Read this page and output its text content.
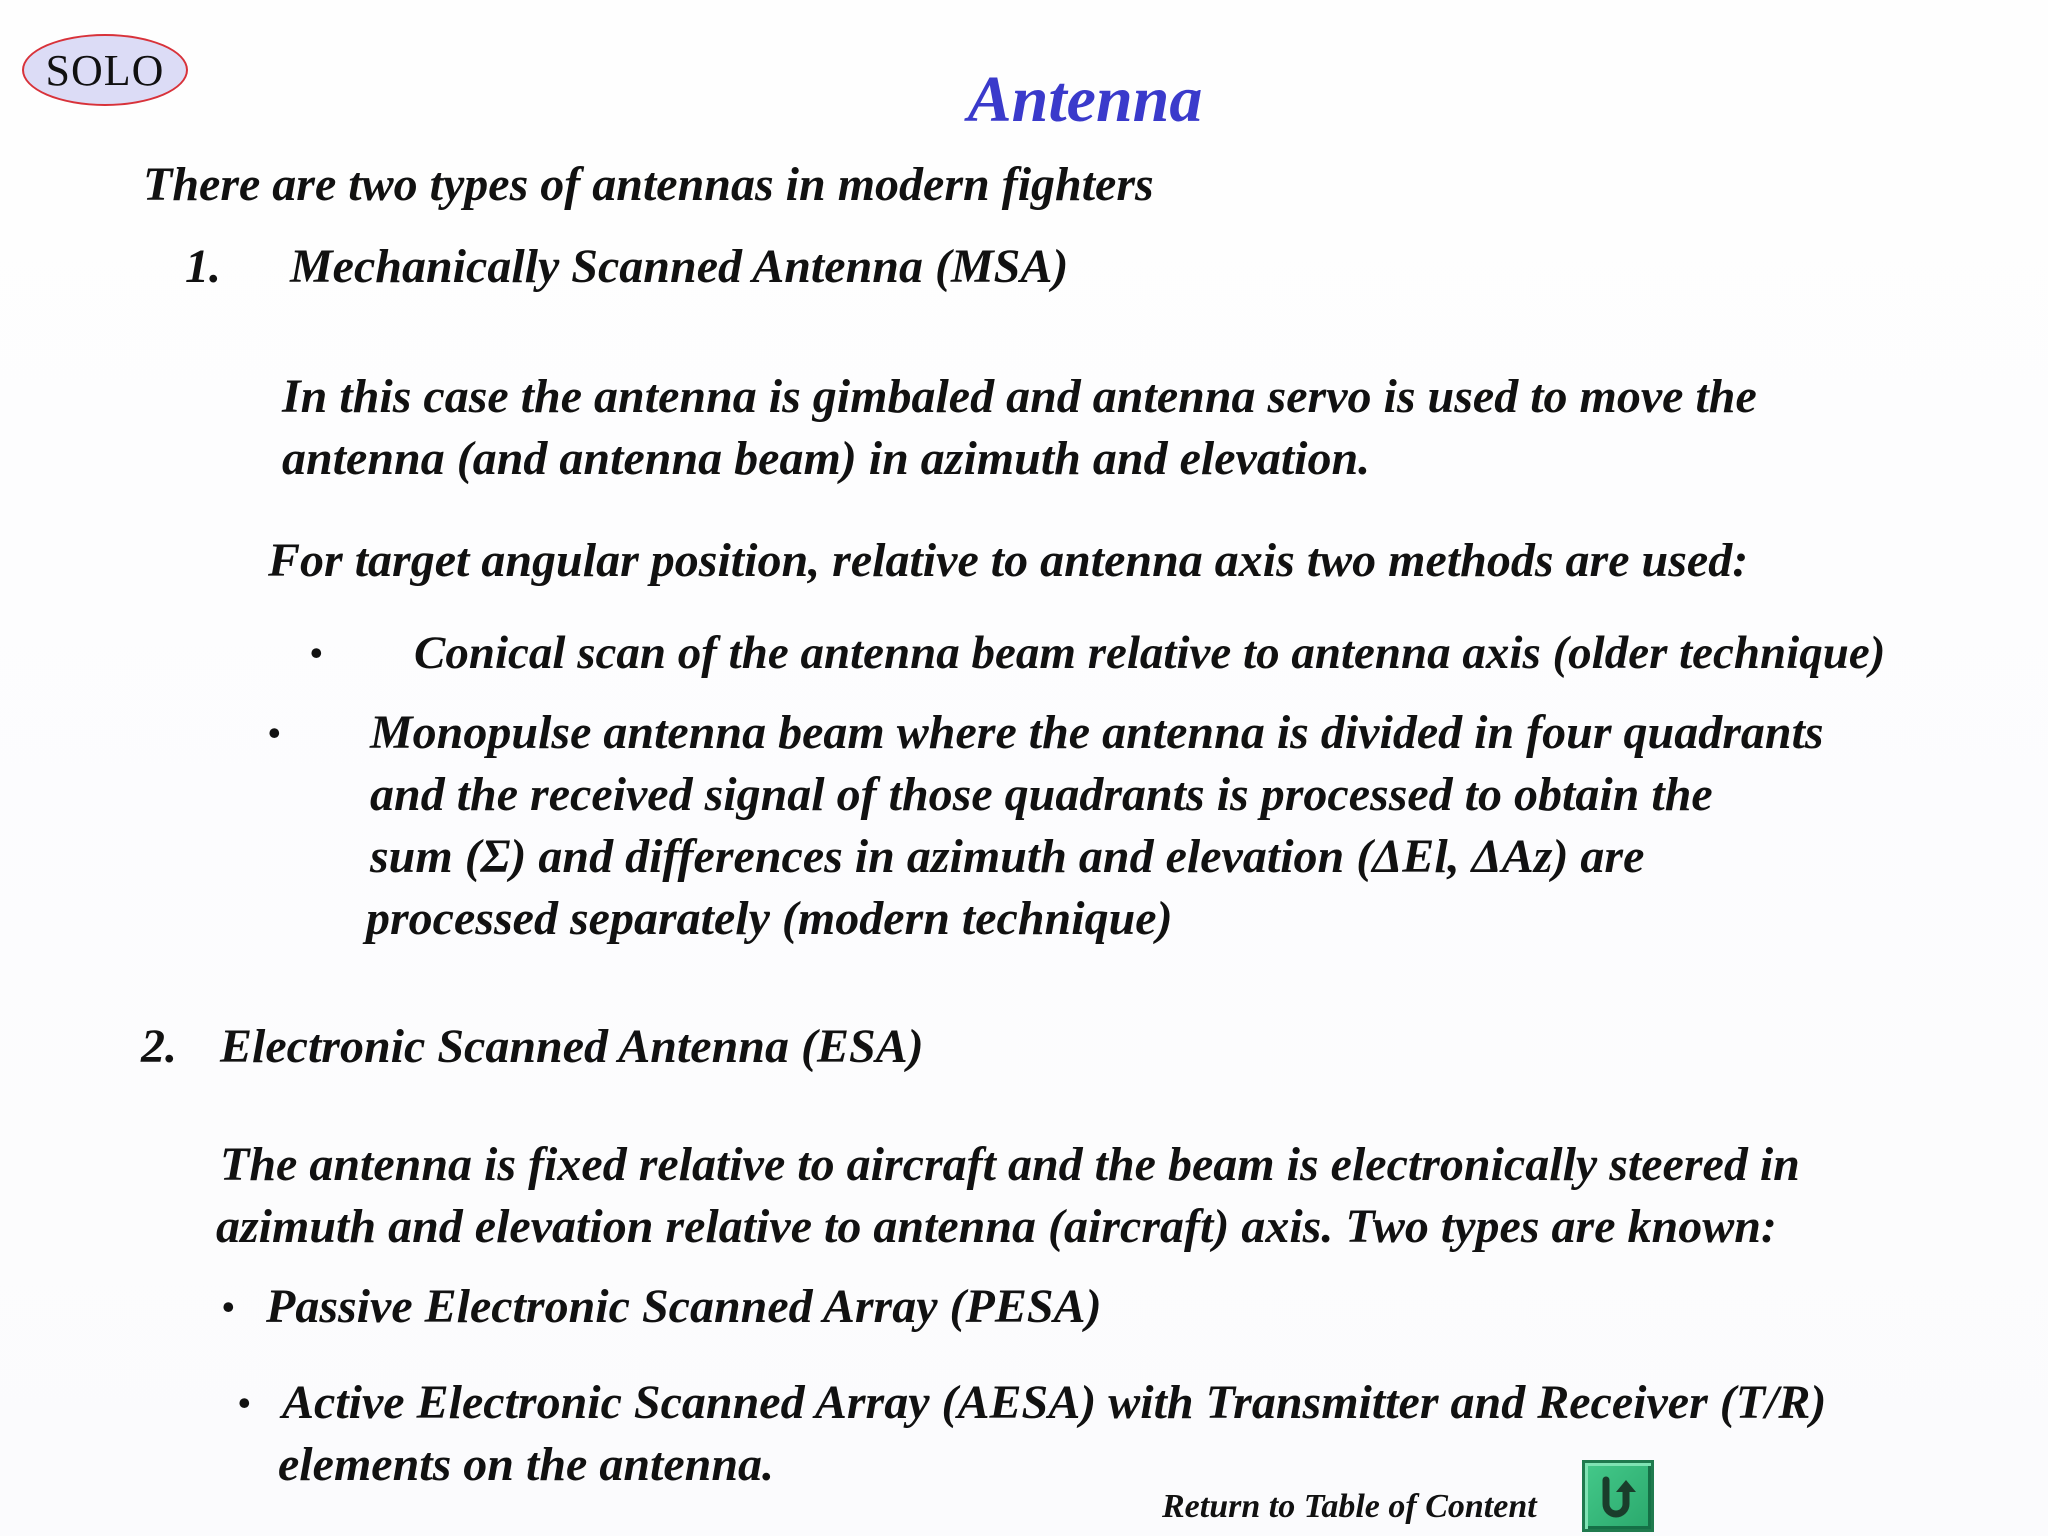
SOLO	Antenna
There are two types of antennas in modern fighters
1. Mechanically Scanned Antenna (MSA)
In this case the antenna is gimbaled and antenna servo is used to move the
antenna (and antenna beam) in azimuth and elevation.
For target angular position, relative to antenna axis two methods are used:
• Conical scan of the antenna beam relative to antenna axis (older technique)
• Monopulse antenna beam where the antenna is divided in four quadrants
and the received signal of those quadrants is processed to obtain the
sum (Σ) and differences in azimuth and elevation (ΔEl, ΔAz) are
processed separately (modern technique)
2. Electronic Scanned Antenna (ESA)
The antenna is fixed relative to aircraft and the beam is electronically steered in
azimuth and elevation relative to antenna (aircraft) axis. Two types are known:
• Passive Electronic Scanned Array (PESA)
• Active Electronic Scanned Array (AESA) with Transmitter and Receiver (T/R)
elements on the antenna.
Return to Table of Content
